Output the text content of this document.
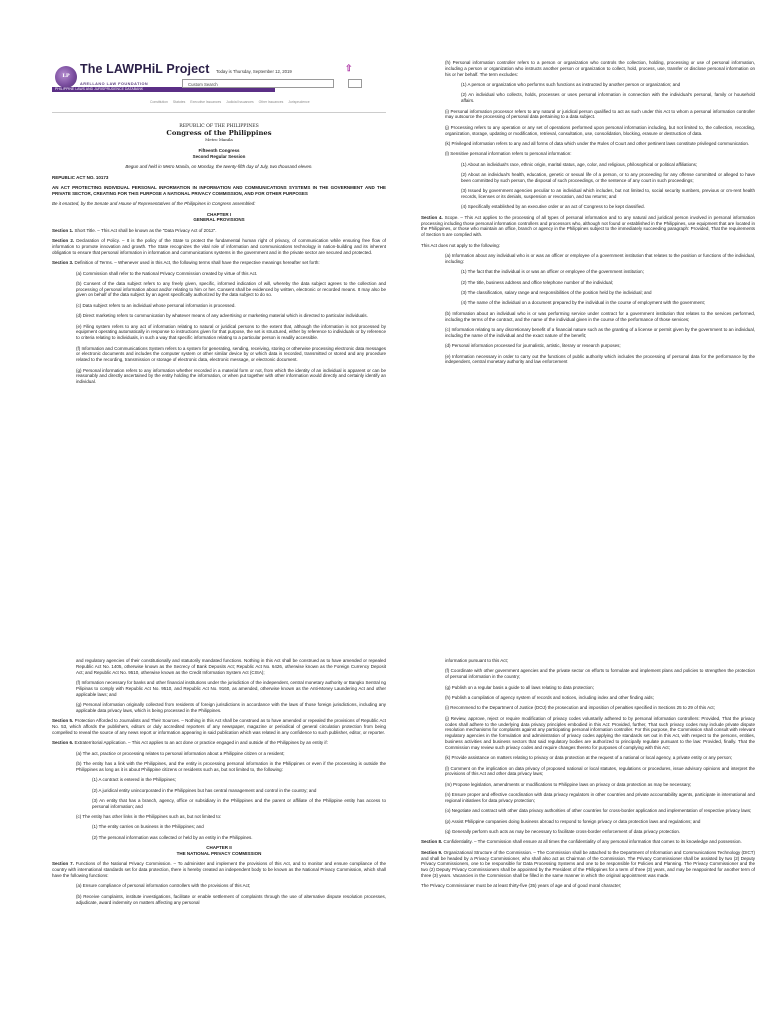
LP
The LAWPHiL Project
ARELLANO LAW FOUNDATION
PHILIPPINE LAWS AND JURISPRUDENCE DATABANK
Today is Thursday, September 12, 2019
Custom Search
⇧
Constitution Statutes Executive Issuances Judicial Issuances Other Issuances Jurisprudence

REPUBLIC OF THE PHILIPPINES

Congress of the Philippines

Metro Manila

Fifteenth Congress

Second Regular Session

Begun and held in Metro Manila, on Monday, the twenty-fifth day of July, two thousand eleven.

REPUBLIC ACT NO. 10173

AN ACT PROTECTING INDIVIDUAL PERSONAL INFORMATION IN INFORMATION AND COMMUNICATIONS SYSTEMS IN THE GOVERNMENT AND THE PRIVATE SECTOR, CREATING FOR THIS PURPOSE A NATIONAL PRIVACY COMMISSION, AND FOR OTHER PURPOSES

Be it enacted, by the Senate and House of Representatives of the Philippines in Congress assembled:

CHAPTER I

GENERAL PROVISIONS

Section 1. Short Title. – This Act shall be known as the "Data Privacy Act of 2012".

Section 2. Declaration of Policy. – It is the policy of the State to protect the fundamental human right of privacy, of communication while ensuring free flow of information to promote innovation and growth. The State recognizes the vital role of information and communications technology in nation-building and its inherent obligation to ensure that personal information in information and communications systems in the government and in the private sector are secured and protected.

Section 3. Definition of Terms. – Whenever used in this Act, the following terms shall have the respective meanings hereafter set forth:

(a) Commission shall refer to the National Privacy Commission created by virtue of this Act.

(b) Consent of the data subject refers to any freely given, specific, informed indication of will, whereby the data subject agrees to the collection and processing of personal information about and/or relating to him or her. Consent shall be evidenced by written, electronic or recorded means. It may also be given on behalf of the data subject by an agent specifically authorized by the data subject to do so.

(c) Data subject refers to an individual whose personal information is processed.

(d) Direct marketing refers to communication by whatever means of any advertising or marketing material which is directed to particular individuals.

(e) Filing system refers to any act of information relating to natural or juridical persons to the extent that, although the information is not processed by equipment operating automatically in response to instructions given for that purpose, the set is structured, either by reference to individuals or by reference to criteria relating to individuals, in such a way that specific information relating to a particular person is readily accessible.

(f) Information and Communications System refers to a system for generating, sending, receiving, storing or otherwise processing electronic data messages or electronic documents and includes the computer system or other similar device by or which data is recorded, transmitted or stored and any procedure related to the recording, transmission or storage of electronic data, electronic message, or electronic document.

(g) Personal information refers to any information whether recorded in a material form or not, from which the identity of an individual is apparent or can be reasonably and directly ascertained by the entity holding the information, or when put together with other information would directly and certainly identify an individual.

(h) Personal information controller refers to a person or organization who controls the collection, holding, processing or use of personal information, including a person or organization who instructs another person or organization to collect, hold, process, use, transfer or disclose personal information on his or her behalf. The term excludes:

(1) A person or organization who performs such functions as instructed by another person or organization; and

(2) An individual who collects, holds, processes or uses personal information in connection with the individual's personal, family or household affairs.

(i) Personal information processor refers to any natural or juridical person qualified to act as such under this Act to whom a personal information controller may outsource the processing of personal data pertaining to a data subject.

(j) Processing refers to any operation or any set of operations performed upon personal information including, but not limited to, the collection, recording, organization, storage, updating or modification, retrieval, consultation, use, consolidation, blocking, erasure or destruction of data.

(k) Privileged information refers to any and all forms of data which under the Rules of Court and other pertinent laws constitute privileged communication.

(l) Sensitive personal information refers to personal information:

(1) About an individual's race, ethnic origin, marital status, age, color, and religious, philosophical or political affiliations;

(2) About an individual's health, education, genetic or sexual life of a person, or to any proceeding for any offense committed or alleged to have been committed by such person, the disposal of such proceedings, or the sentence of any court in such proceedings;

(3) Issued by government agencies peculiar to an individual which includes, but not limited to, social security numbers, previous or cm-rent health records, licenses or its denials, suspension or revocation, and tax returns; and

(4) Specifically established by an executive order or an act of Congress to be kept classified.

Section 4. Scope. – This Act applies to the processing of all types of personal information and to any natural and juridical person involved in personal information processing including those personal information controllers and processors who, although not found or established in the Philippines, use equipment that are located in the Philippines, or those who maintain an office, branch or agency in the Philippines subject to the immediately succeeding paragraph: Provided, That the requirements of Section 5 are complied with.

This Act does not apply to the following:

(a) Information about any individual who is or was an officer or employee of a government institution that relates to the position or functions of the individual, including:

(1) The fact that the individual is or was an officer or employee of the government institution;

(2) The title, business address and office telephone number of the individual;

(3) The classification, salary range and responsibilities of the position held by the individual; and

(4) The name of the individual on a document prepared by the individual in the course of employment with the government;

(b) Information about an individual who is or was performing service under contract for a government institution that relates to the services performed, including the terms of the contract, and the name of the individual given in the course of the performance of those services;

(c) Information relating to any discretionary benefit of a financial nature such as the granting of a license or permit given by the government to an individual, including the name of the individual and the exact nature of the benefit;

(d) Personal information processed for journalistic, artistic, literary or research purposes;

(e) Information necessary in order to carry out the functions of public authority which includes the processing of personal data for the performance by the independent, central monetary authority and law enforcement

and regulatory agencies of their constitutionally and statutorily mandated functions. Nothing in this Act shall be construed as to have amended or repealed Republic Act No. 1405, otherwise known as the Secrecy of Bank Deposits Act; Republic Act No. 6426, otherwise known as the Foreign Currency Deposit Act; and Republic Act No. 9510, otherwise known as the Credit Information System Act (CISA);

(f) Information necessary for banks and other financial institutions under the jurisdiction of the independent, central monetary authority or Bangko Sentral ng Pilipinas to comply with Republic Act No. 9510, and Republic Act No. 9160, as amended, otherwise known as the Anti-Money Laundering Act and other applicable laws; and

(g) Personal information originally collected from residents of foreign jurisdictions in accordance with the laws of those foreign jurisdictions, including any applicable data privacy laws, which is being processed in the Philippines.

Section 5. Protection Afforded to Journalists and Their Sources. – Nothing in this Act shall be construed as to have amended or repealed the provisions of Republic Act No. 53, which affords the publishers, editors or duly accredited reporters of any newspaper, magazine or periodical of general circulation protection from being compelled to reveal the source of any news report or information appearing in said publication which was related in any confidence to such publisher, editor, or reporter.

Section 6. Extraterritorial Application. – This Act applies to an act done or practice engaged in and outside of the Philippines by an entity if:

(a) The act, practice or processing relates to personal information about a Philippine citizen or a resident;

(b) The entity has a link with the Philippines, and the entity is processing personal information in the Philippines or even if the processing is outside the Philippines as long as it is about Philippine citizens or residents such as, but not limited to, the following:

(1) A contract is entered in the Philippines;

(2) A juridical entity unincorporated in the Philippines but has central management and control in the country; and

(3) An entity that has a branch, agency, office or subsidiary in the Philippines and the parent or affiliate of the Philippine entity has access to personal information; and

(c) The entity has other links in the Philippines such as, but not limited to:

(1) The entity carries on business in the Philippines; and

(2) The personal information was collected or held by an entity in the Philippines.

CHAPTER II

THE NATIONAL PRIVACY COMMISSION

Section 7. Functions of the National Privacy Commission. – To administer and implement the provisions of this Act, and to monitor and ensure compliance of the country with international standards set for data protection, there is hereby created an independent body to be known as the National Privacy Commission, which shall have the following functions:

(a) Ensure compliance of personal information controllers with the provisions of this Act;

(b) Receive complaints, institute investigations, facilitate or enable settlement of complaints through the use of alternative dispute resolution processes, adjudicate, award indemnity on matters affecting any personal

information pursuant to this Act;

(f) Coordinate with other government agencies and the private sector on efforts to formulate and implement plans and policies to strengthen the protection of personal information in the country;

(g) Publish on a regular basis a guide to all laws relating to data protection;

(h) Publish a compilation of agency system of records and notices, including index and other finding aids;

(i) Recommend to the Department of Justice (DOJ) the prosecution and imposition of penalties specified in Sections 25 to 29 of this Act;

(j) Review, approve, reject or require modification of privacy codes voluntarily adhered to by personal information controllers: Provided, That the privacy codes shall adhere to the underlying data privacy principles embodied in this Act: Provided, further, That such privacy codes may include private dispute resolution mechanisms for complaints against any participating personal information controller. For this purpose, the Commission shall consult with relevant regulatory agencies in the formulation and administration of privacy codes applying the standards set out in this Act, with respect to the persons, entities, business activities and business sectors that said regulatory bodies are authorized to principally regulate pursuant to the law: Provided, finally. That the Commission may review such privacy codes and require changes thereto for purposes of complying with this Act;

(k) Provide assistance on matters relating to privacy or data protection at the request of a national or local agency, a private entity or any person;

(l) Comment on the implication on data privacy of proposed national or local statutes, regulations or procedures, issue advisory opinions and interpret the provisions of this Act and other data privacy laws;

(m) Propose legislation, amendments or modifications to Philippine laws on privacy or data protection as may be necessary;

(n) Ensure proper and effective coordination with data privacy regulators in other countries and private accountability agents, participate in international and regional initiatives for data privacy protection;

(o) Negotiate and contract with other data privacy authorities of other countries for cross-border application and implementation of respective privacy laws;

(p) Assist Philippine companies doing business abroad to respond to foreign privacy or data protection laws and regulations; and

(q) Generally perform such acts as may be necessary to facilitate cross-border enforcement of data privacy protection.

Section 8. Confidentiality. – The Commission shall ensure at all times the confidentiality of any personal information that comes to its knowledge and possession.

Section 9. Organizational Structure of the Commission. – The Commission shall be attached to the Department of Information and Communications Technology (DICT) and shall be headed by a Privacy Commissioner, who shall also act as Chairman of the Commission. The Privacy Commissioner shall be assisted by two (2) Deputy Privacy Commissioners, one to be responsible for Data Processing Systems and one to be responsible for Policies and Planning. The Privacy Commissioner and the two (2) Deputy Privacy Commissioners shall be appointed by the President of the Philippines for a term of three (3) years, and may be reappointed for another term of three (3) years. Vacancies in the Commission shall be filled in the same manner in which the original appointment was made.

The Privacy Commissioner must be at least thirty-five (35) years of age and of good moral character;
